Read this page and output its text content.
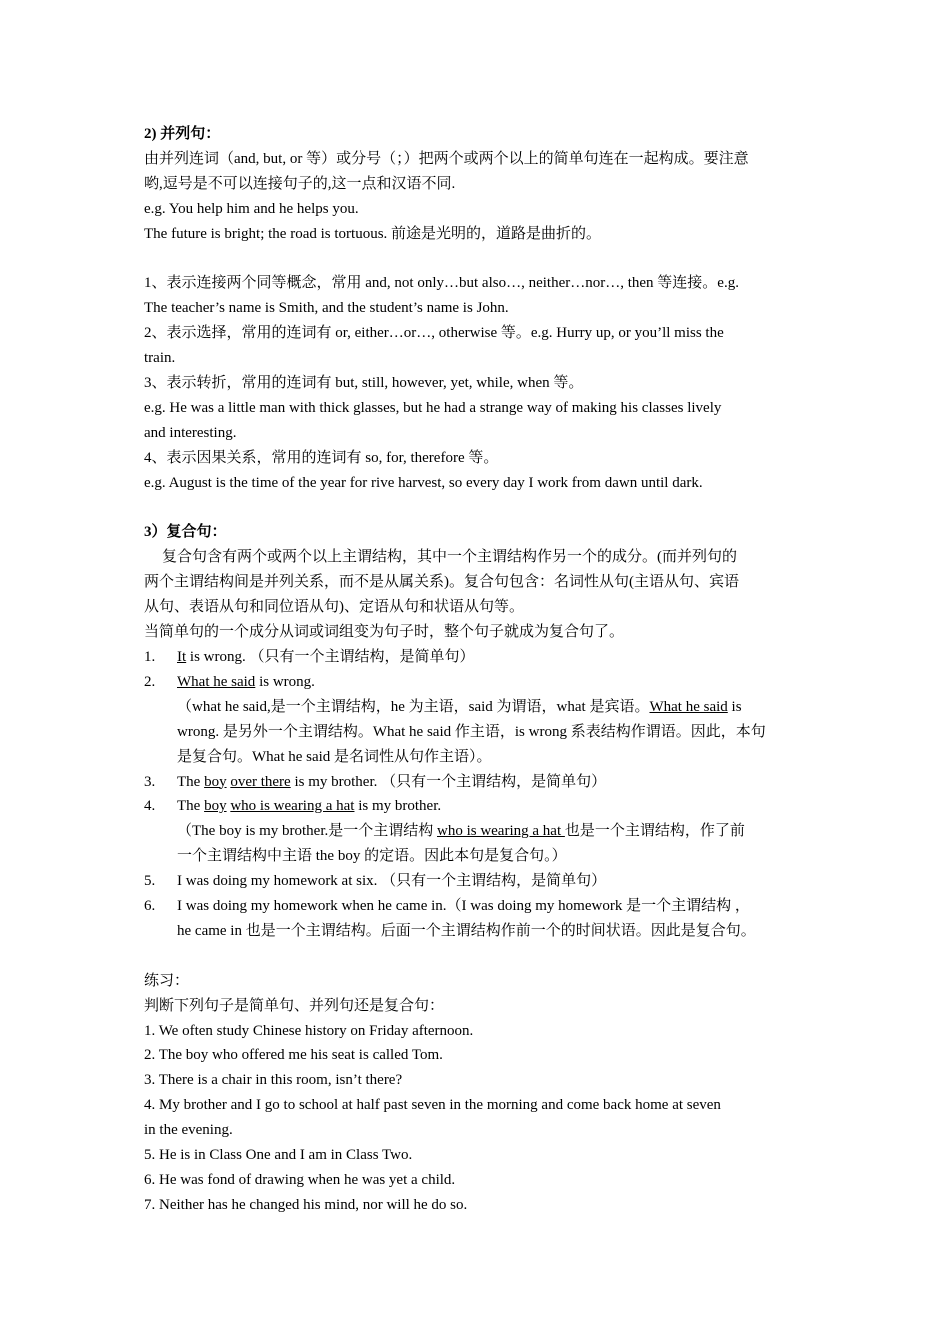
2) 并列句：
由并列连词（and, but, or 等）或分号（；）把两个或两个以上的简单句连在一起构成。要注意
哟,逗号是不可以连接句子的,这一点和汉语不同.
e.g. You help him and he helps you.
The future is bright; the road is tortuous. 前途是光明的，道路是曲折的。
1、表示连接两个同等概念，常用 and, not only…but also…, neither…nor…, then 等连接。e.g.
The teacher’s name is Smith, and the student’s name is John.
2、表示选择，常用的连词有 or, either…or…, otherwise 等。e.g. Hurry up, or you’ll miss the
train.
3、表示转折，常用的连词有 but, still, however, yet, while, when 等。
e.g. He was a little man with thick glasses, but he had a strange way of making his classes lively
and interesting.
4、表示因果关系，常用的连词有 so, for, therefore 等。
e.g. August is the time of the year for rive harvest, so every day I work from dawn until dark.
3）复合句：
复合句含有两个或两个以上主谓结构，其中一个主谓结构作另一个的成分。(而并列句的
两个主谓结构间是并列关系，而不是从属关系)。复合句包含：名词性从句(主语从句、宾语
从句、表语从句和同位语从句)、定语从句和状语从句等。
当简单句的一个成分从词或词组变为句子时，整个句子就成为复合句了。
1.	It is wrong. （只有一个主谓结构，是简单句）
2.	What he said is wrong.
（what he said,是一个主谓结构，he 为主语，said 为谓语，what 是宾语。What he said is
wrong. 是另外一个主谓结构。What he said 作主语，is wrong 系表结构作谓语。因此，本句
是复合句。What he said 是名词性从句作主语）。
3.	The boy over there is my brother. （只有一个主谓结构，是简单句）
4.	The boy who is wearing a hat is my brother.
（The boy is my brother.是一个主谓结构 who is wearing a hat 也是一个主谓结构，作了前
一个主谓结构中主语 the boy 的定语。因此本句是复合句。）
5.	I was doing my homework at six. （只有一个主谓结构，是简单句）
6.	I was doing my homework when he came in.（I was doing my homework 是一个主谓结构 ，
he came in 也是一个主谓结构。后面一个主谓结构作前一个的时间状语。因此是复合句。
练习：
判断下列句子是简单句、并列句还是复合句：
1. We often study Chinese history on Friday afternoon.
2. The boy who offered me his seat is called Tom.
3. There is a chair in this room, isn’t there?
4. My brother and I go to school at half past seven in the morning and come back home at seven
in the evening.
5. He is in Class One and I am in Class Two.
6. He was fond of drawing when he was yet a child.
7. Neither has he changed his mind, nor will he do so.
